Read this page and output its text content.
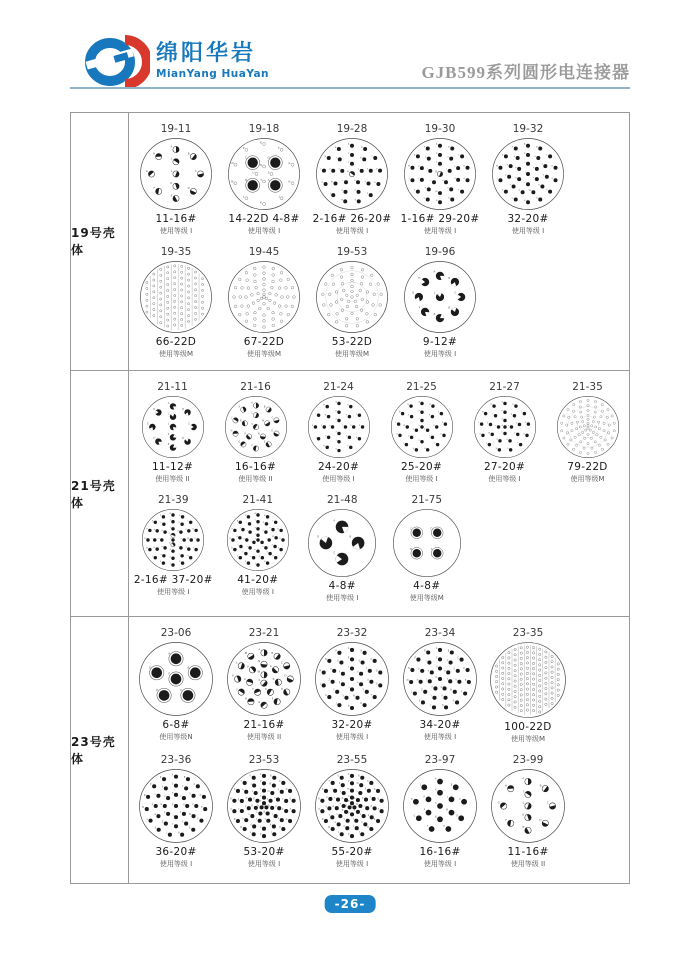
绵阳华岩
MianYang HuaYan	GJB599系列圆形电连接器
19号壳体
19-11
A
B
C
D
E
F
G
H
J
K
L
11-16#
使用等级 I
19-18
A
B
C	D
E
F
G
H
J
K
L
M
N
P
R
S
T
U
14-22D 4-8#
使用等级 I
19-28
A
B
C
D
E
F
G
H
J
K
L
M
N
P
R
S
T
U
V
W
X
Y
Z
a
b
c
d
e
2-16# 26-20#
使用等级 I
19-30
A
B
C
D
E
F
G
H
J
K
L
M
N
P
R
S
T
U
V
W
X
Y
Z
a
b
c
d
e
f
g
1-16# 29-20#
使用等级 I
19-32
A
B
C
D
E
F
G
H
J
K
L
M
N
P
R
S
T
U
V
W
X
Y
Z
a
b
c
d
e
f
g
h
j
32-20#
使用等级 I
19-35
66-22D
使用等级M
19-45
67-22D
使用等级M
19-53
53-22D
使用等级M
19-96
A
B
C
D
E
F
G
H
J
9-12#
使用等级 I
21号壳体
21-11
A
B
C
D
E
F
G
H
J
K
L
11-12#
使用等级 II
21-16
A
B
C
D
E
F
G
H
J
K
L
M
N
P
R
S
16-16#
使用等级 II
21-24
A
B
C
D
E
F
G
H
J
K
L
M
N
P
R
S
T
U
V
W
X
Y
Z
a
24-20#
使用等级 I
21-25
A
B
C
D
E
F
G
H
J
K
L
M
N
P
R
S
T
U
V
W
X
Y
Z
a
b
25-20#
使用等级 I
21-27
A
B
C
D
E
F
G
H
J
K
L
M
N
P
R
S
T
U
V
W
X
Y
Z
a
b
c d
27-20#
使用等级 I
21-35
79-22D
使用等级M
21-39
A
B
C
D
E
F
G
H
J
K
L
M
N
P
R
S
T
U
V
W
X
Y
Z
a
b
c
d
e
f
g
h
j
k
m
n
p
r
s
t
2-16# 37-20#
使用等级 I
21-41
A
B
C
D
E
F
G
H
J
K
L
M
N
P
R
S
T
U
V
W
X
Y
Z
a
b
c
d
e
f
g
h
j
k
m
n
p
r
s
t
u
v
41-20#
使用等级 I
21-48
A
B
C
D
4-8#
使用等级 I
21-75
A
B
C	D
4-8#
使用等级M
23号壳体
23-06
A
B
C
D
E
F
6-8#
使用等级N
23-21
A
B
C
D
E
F
G
H
J
K
L
M
N
P
R
S
T
U
V
W
X
21-16#
使用等级 II
23-32
A
B
C
D
E
F
G
H
J
K
L
M
N
P
R
S
T
U
V
W
X
Y
Z
a
b
c
d
e
f
g
h
j
32-20#
使用等级 I
23-34
A
B
C
D
E
F
G
H
J
K
L
M
N
P
R
S
T
U
V
W
X
Y
Z
a
b
c
d
e
f
g
h
j
k
m
34-20#
使用等级 I
23-35
100-22D
使用等级M
23-36
A
B
C
D
E
F
G
H
J
K
L
M
N
P
R
S
T
U
V
W
X
Y
Z
a
b
c
d
e
f
g
h
j
k
m
n
p
36-20#
使用等级 I
23-53
A
B
C
D
E
F
G
H
J
K
L
M
N
P
R
S
T
U
V
W
X
Y
Z
a
b
c
d
e
f
g
h
j
k
m
n
p
r
s
t
u
v
w
x
y
z
A
B
C
D
E
F
H
53-20#
使用等级 I
23-55
A
B
C
D
E
F
G
H
J
K
L
M
N
P
R
S
T
U
V
W
X
Y
Z
a
b
c
d
e
f
g
h
j
k
m
n
p
r
s
t
u
v
w
x
y
z
A
B
C
D
E
F
G
H
J
K
55-20#
使用等级 I
23-97
A
B
C
D
E
F
G
H
J
K
L
M
N
P
R
S
16-16#
使用等级 I
23-99
A
B
C
D
E
F
G
H
J
K
L
11-16#
使用等级 II
-26-
